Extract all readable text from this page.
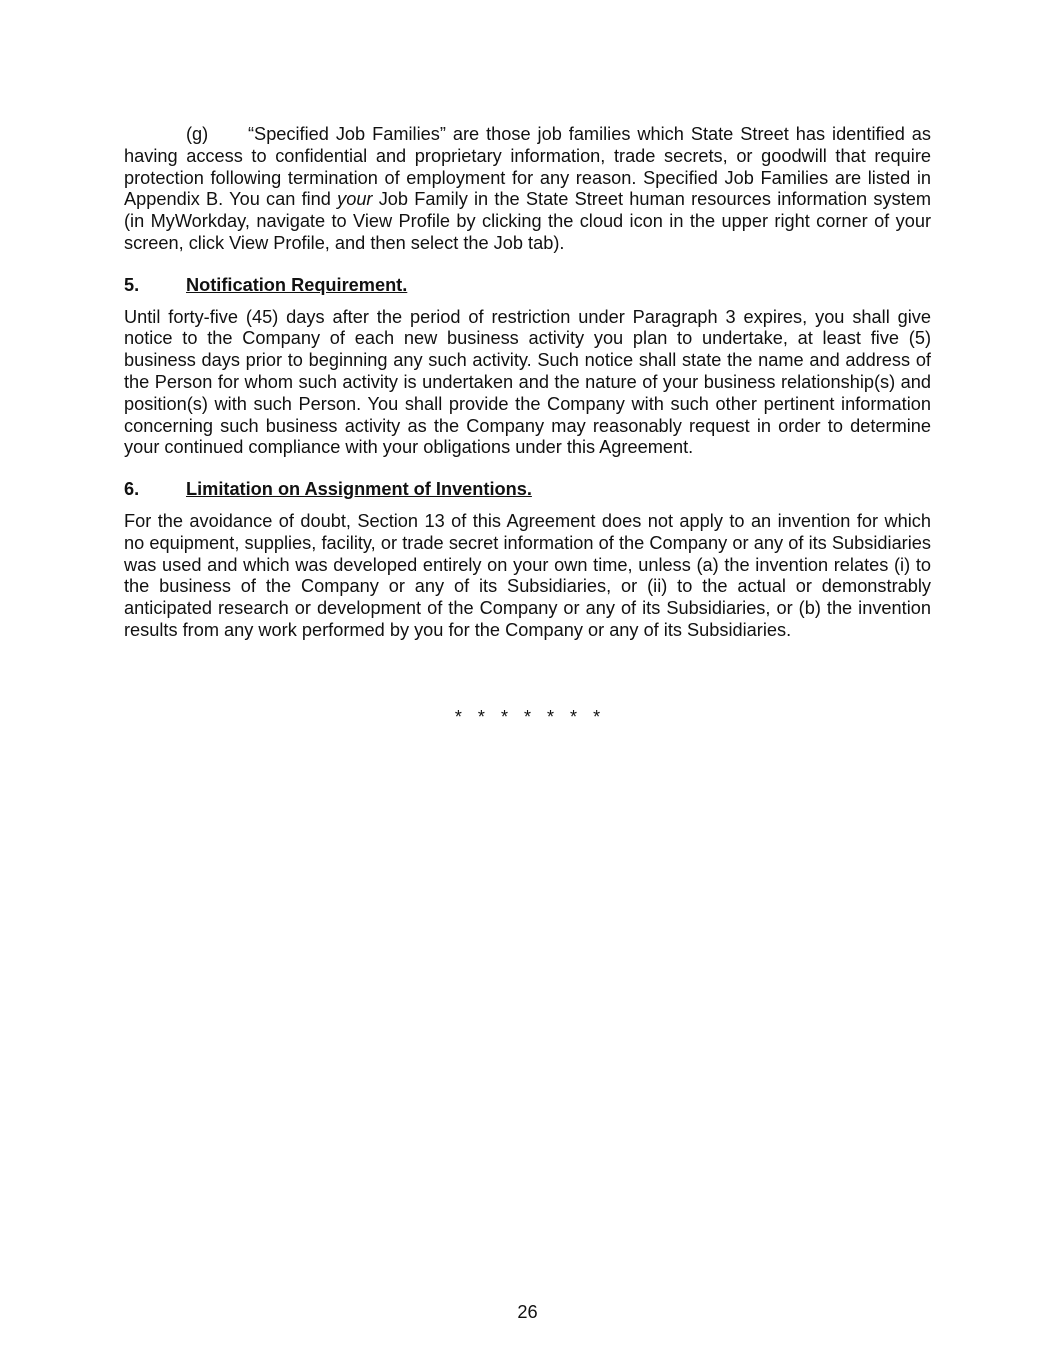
(g) “Specified Job Families” are those job families which State Street has identified as having access to confidential and proprietary information, trade secrets, or goodwill that require protection following termination of employment for any reason. Specified Job Families are listed in Appendix B. You can find your Job Family in the State Street human resources information system (in MyWorkday, navigate to View Profile by clicking the cloud icon in the upper right corner of your screen, click View Profile, and then select the Job tab).

5.	Notification Requirement.

Until forty-five (45) days after the period of restriction under Paragraph 3 expires, you shall give notice to the Company of each new business activity you plan to undertake, at least five (5) business days prior to beginning any such activity. Such notice shall state the name and address of the Person for whom such activity is undertaken and the nature of your business relationship(s) and position(s) with such Person. You shall provide the Company with such other pertinent information concerning such business activity as the Company may reasonably request in order to determine your continued compliance with your obligations under this Agreement.

6.	Limitation on Assignment of Inventions.

For the avoidance of doubt, Section 13 of this Agreement does not apply to an invention for which no equipment, supplies, facility, or trade secret information of the Company or any of its Subsidiaries was used and which was developed entirely on your own time, unless (a) the invention relates (i) to the business of the Company or any of its Subsidiaries, or (ii) to the actual or demonstrably anticipated research or development of the Company or any of its Subsidiaries, or (b) the invention results from any work performed by you for the Company or any of its Subsidiaries.

* * * * * * *
26
